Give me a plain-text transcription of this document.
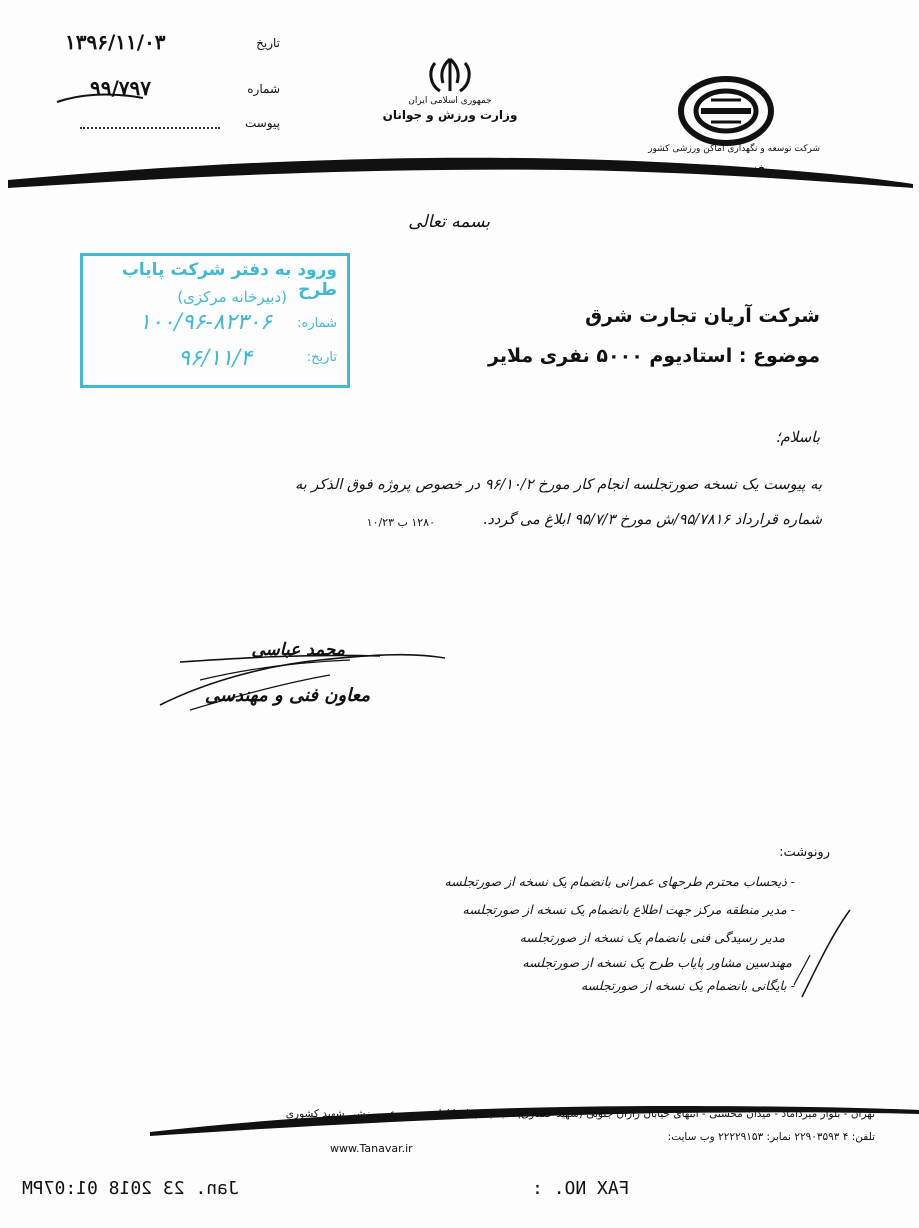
۱۳۹۶/۱۱/۰۳	تاریخ
۹۹/۷۹۷	شماره
پیوست
جمهوری اسلامی ایران
وزارت ورزش و جوانان
شرکت توسعه و نگهداری اماکن ورزشی کشور
بسمه تعالی
ورود به دفتر شرکت پایاب طرح
(دبیرخانه مرکزی)
شماره:
۱۰۰/۹۶-۸۲۳۰۶
تاریخ:
۹۶/۱۱/۴
شرکت آریان تجارت شرق
موضوع : استادیوم ۵۰۰۰ نفری ملایر
باسلام؛
به پیوست یک نسخه صورتجلسه انجام کار مورخ ۹۶/۱۰/۲ در خصوص پروژه فوق الذکر به
شماره قرارداد ۹۵/۷۸۱۶/ش مورخ ۹۵/۷/۳ ابلاغ می گردد.
۱۲۸۰ ب ۱۰/۲۳
محمد عباسی
معاون فنی و مهندسی
رونوشت:
- ذیحساب محترم طرحهای عمرانی بانضمام یک نسخه از صورتجلسه
- مدیر منطقه مرکز جهت اطلاع بانضمام یک نسخه از صورتجلسه
مدیر رسیدگی فنی بانضمام یک نسخه از صورتجلسه
مهندسین مشاور پایاب طرح یک نسخه از صورتجلسه
- بایگانی بانضمام یک نسخه از صورتجلسه
تهران - بلوار میرداماد - میدان محسنی - انتهای خیابان رازان جنوبی (شهید حصاری) - جنب میدان کاظمی-مجموعه ورزشی شهید کشوری
تلفن: ۴ ۲۲۹۰۳۵۹۳ نمابر: ۲۲۲۲۹۱۵۳ وب سایت:
www.Tanavar.ir
Jan. 23 2018 01:07PM	FAX NO. :
